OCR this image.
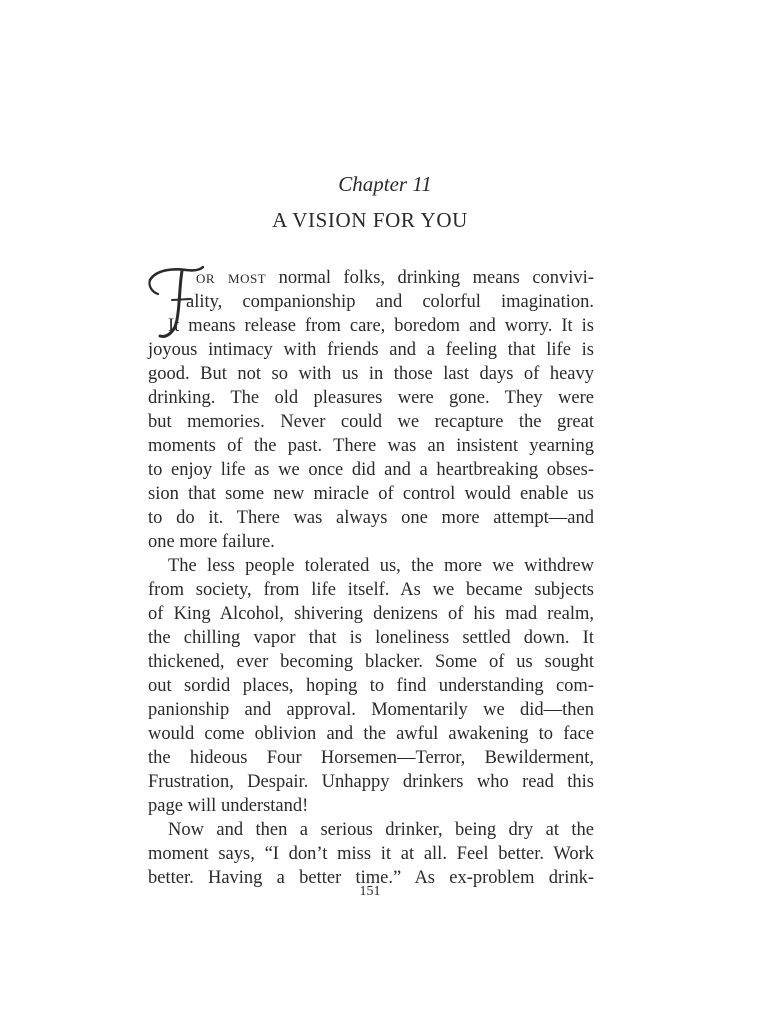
Chapter 11
A VISION FOR YOU
or most normal folks, drinking means convivi-
ality, companionship and colorful imagination.
It means release from care, boredom and worry. It is
joyous intimacy with friends and a feeling that life is
good. But not so with us in those last days of heavy
drinking. The old pleasures were gone. They were
but memories. Never could we recapture the great
moments of the past. There was an insistent yearning
to enjoy life as we once did and a heartbreaking obses-
sion that some new miracle of control would enable us
to do it. There was always one more attempt—and
one more failure.
The less people tolerated us, the more we withdrew
from society, from life itself. As we became subjects
of King Alcohol, shivering denizens of his mad realm,
the chilling vapor that is loneliness settled down. It
thickened, ever becoming blacker. Some of us sought
out sordid places, hoping to find understanding com-
panionship and approval. Momentarily we did—then
would come oblivion and the awful awakening to face
the hideous Four Horsemen—Terror, Bewilderment,
Frustration, Despair. Unhappy drinkers who read this
page will understand!
Now and then a serious drinker, being dry at the
moment says, “I don’t miss it at all. Feel better. Work
better. Having a better time.” As ex-problem drink-
151
